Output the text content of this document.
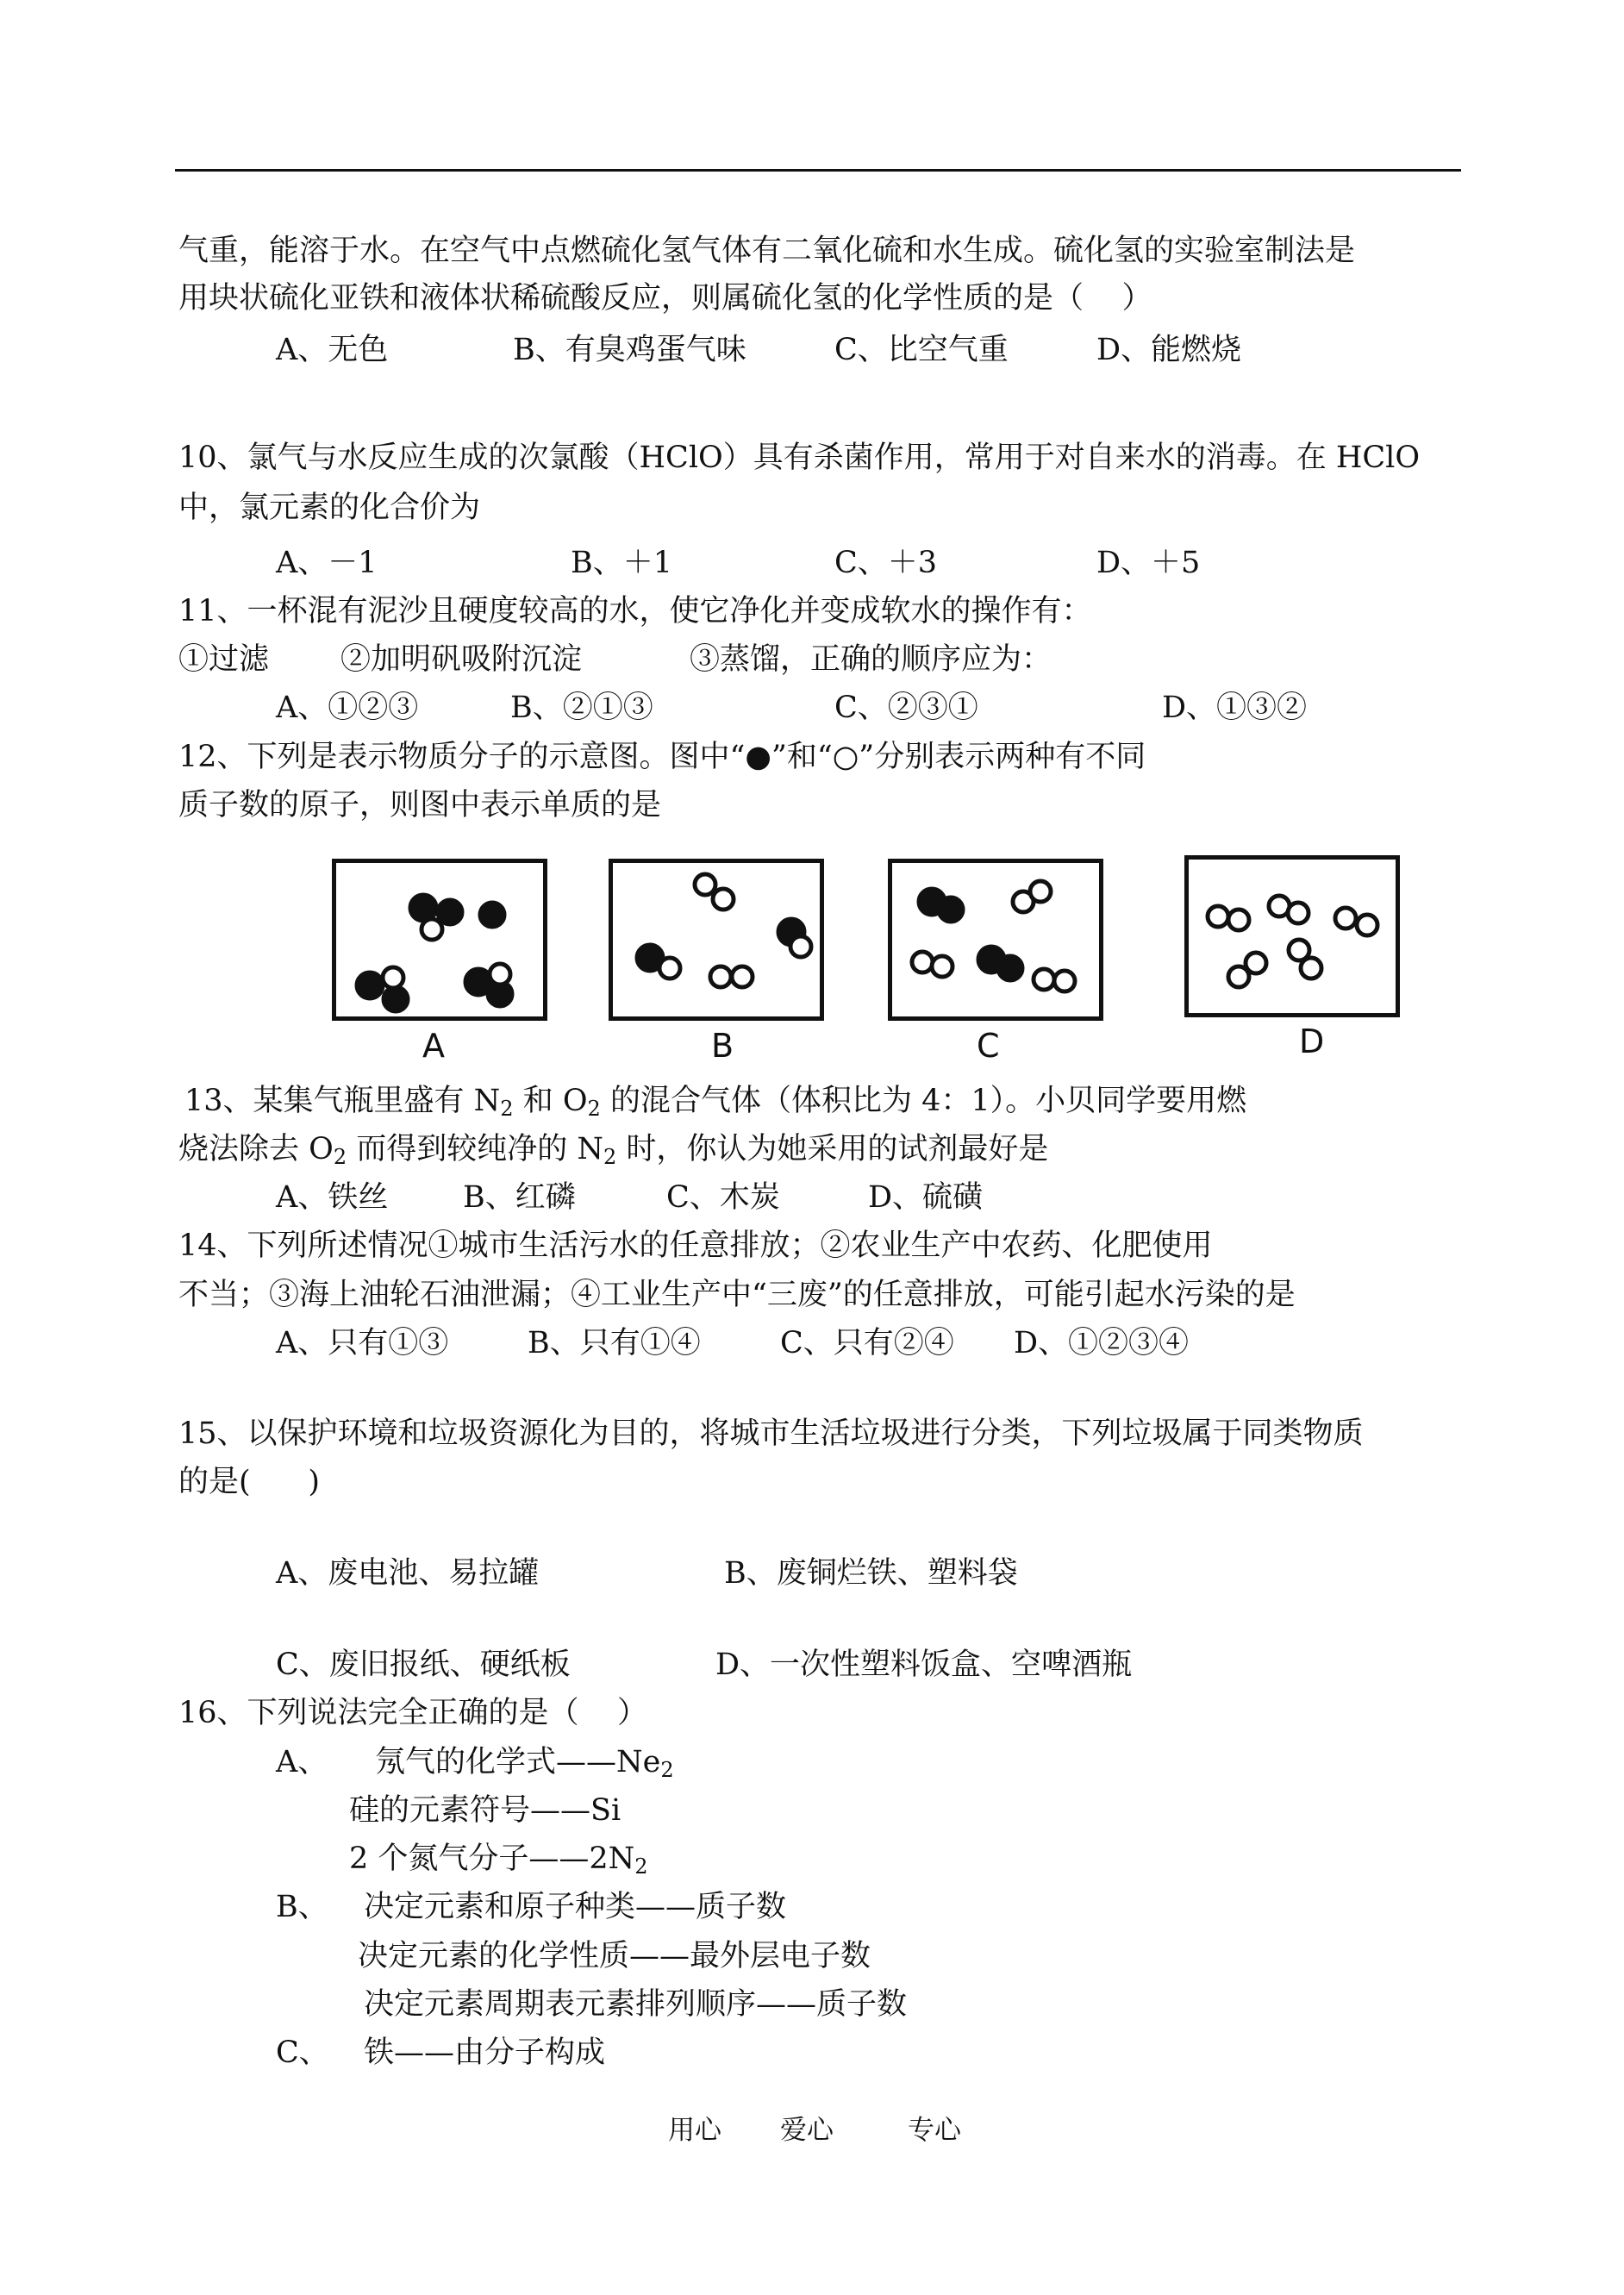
气重，能溶于水。在空气中点燃硫化氢气体有二氧化硫和水生成。硫化氢的实验室制法是
用块状硫化亚铁和液体状稀硫酸反应，则属硫化氢的化学性质的是（    ）
A、无色	B、有臭鸡蛋气味	C、比空气重	D、能燃烧
10、氯气与水反应生成的次氯酸（HClO）具有杀菌作用，常用于对自来水的消毒。在 HClO
中，氯元素的化合价为
A、－1	B、＋1	C、＋3	D、＋5
11、一杯混有泥沙且硬度较高的水，使它净化并变成软水的操作有：
①过滤 ②加明矾吸附沉淀	③蒸馏，正确的顺序应为：
A、①②③	B、②①③	C、②③①	D、①③②
12、下列是表示物质分子的示意图。图中“●”和“○”分别表示两种有不同
质子数的原子，则图中表示单质的是
A	B	C	D
13、某集气瓶里盛有 $N_2$ 和 $O_2$ 的混合气体（体积比为 4：1）。小贝同学要用燃
烧法除去 $O_2$ 而得到较纯净的 $N_2$ 时，你认为她采用的试剂最好是
A、铁丝 B、红磷	C、木炭	D、硫磺
14、下列所述情况①城市生活污水的任意排放；②农业生产中农药、化肥使用
不当；③海上油轮石油泄漏；④工业生产中“三废”的任意排放，可能引起水污染的是
A、只有①③	B、只有①④	C、只有②④ D、①②③④
15、以保护环境和垃圾资源化为目的，将城市生活垃圾进行分类，下列垃圾属于同类物质
的是(      )
A、废电池、易拉罐	B、废铜烂铁、塑料袋
C、废旧报纸、硬纸板	D、一次性塑料饭盒、空啤酒瓶
16、下列说法完全正确的是（    ）
A、 氖气的化学式$——Ne_2$
硅的元素符号——Si
2 个氮气分子$——2N_2$
B、 决定元素和原子种类——质子数
决定元素的化学性质——最外层电子数
决定元素周期表元素排列顺序——质子数
C、 铁——由分子构成
用心 爱心	专心
